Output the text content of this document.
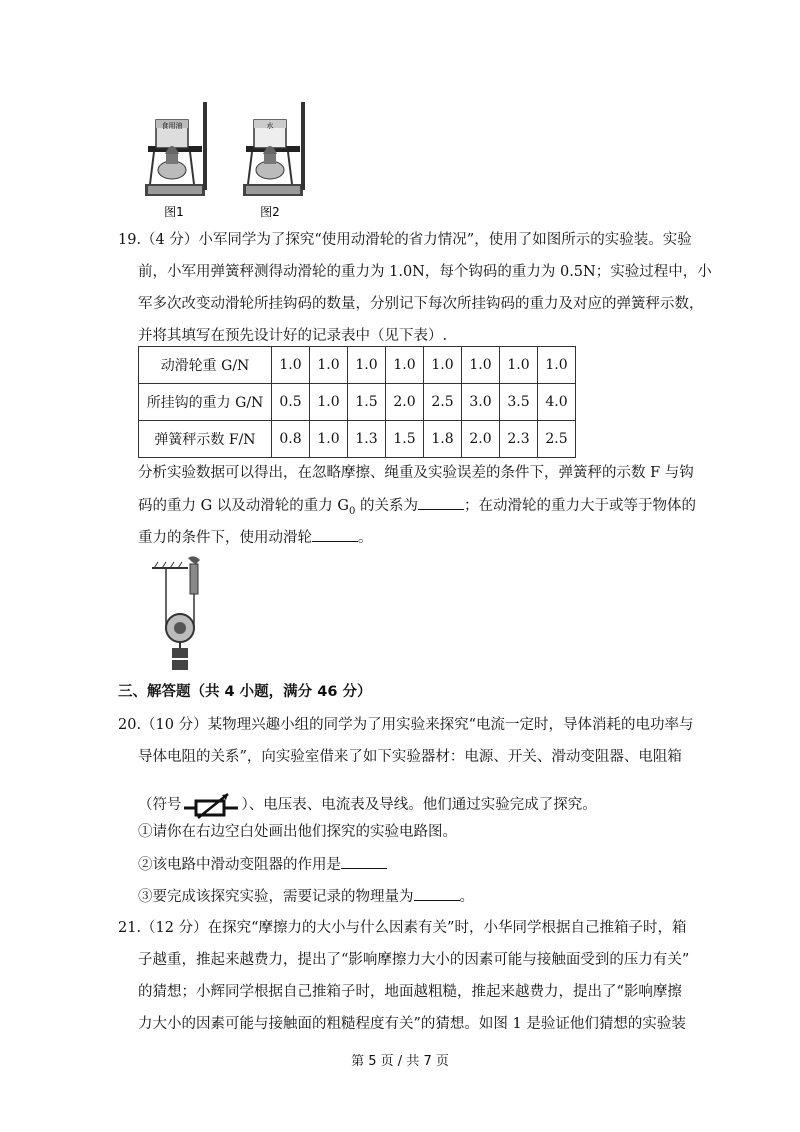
食用油
图1
水
图2
19.（4 分）小军同学为了探究“使用动滑轮的省力情况”，使用了如图所示的实验装。实验
前，小军用弹簧秤测得动滑轮的重力为 1.0N，每个钩码的重力为 0.5N；实验过程中，小
军多次改变动滑轮所挂钩码的数量，分别记下每次所挂钩码的重力及对应的弹簧秤示数，
并将其填写在预先设计好的记录表中（见下表）.
动滑轮重 G/N	1.0	1.0	1.0	1.0	1.0	1.0	1.0	1.0
所挂钩的重力 G/N	0.5	1.0	1.5	2.0	2.5	3.0	3.5	4.0
弹簧秤示数 F/N	0.8	1.0	1.3	1.5	1.8	2.0	2.3	2.5
分析实验数据可以得出，在忽略摩擦、绳重及实验误差的条件下，弹簧秤的示数 F 与钩
码的重力 G 以及动滑轮的重力 $G_0$ 的关系为	；在动滑轮的重力大于或等于物体的
重力的条件下，使用动滑轮	。
三、解答题（共 4 小题，满分 46 分）
20.（10 分）某物理兴趣小组的同学为了用实验来探究“电流一定时，导体消耗的电功率与
导体电阻的关系”，向实验室借来了如下实验器材：电源、开关、滑动变阻器、电阻箱
（符号	）、电压表、电流表及导线。他们通过实验完成了探究。
①请你在右边空白处画出他们探究的实验电路图。
②该电路中滑动变阻器的作用是
③要完成该探究实验，需要记录的物理量为	。
21.（12 分）在探究“摩擦力的大小与什么因素有关”时，小华同学根据自己推箱子时，箱
子越重，推起来越费力，提出了“影响摩擦力大小的因素可能与接触面受到的压力有关”
的猜想；小辉同学根据自己推箱子时，地面越粗糙，推起来越费力，提出了“影响摩擦
力大小的因素可能与接触面的粗糙程度有关”的猜想。如图 1 是验证他们猜想的实验装
第 5 页 / 共 7 页
